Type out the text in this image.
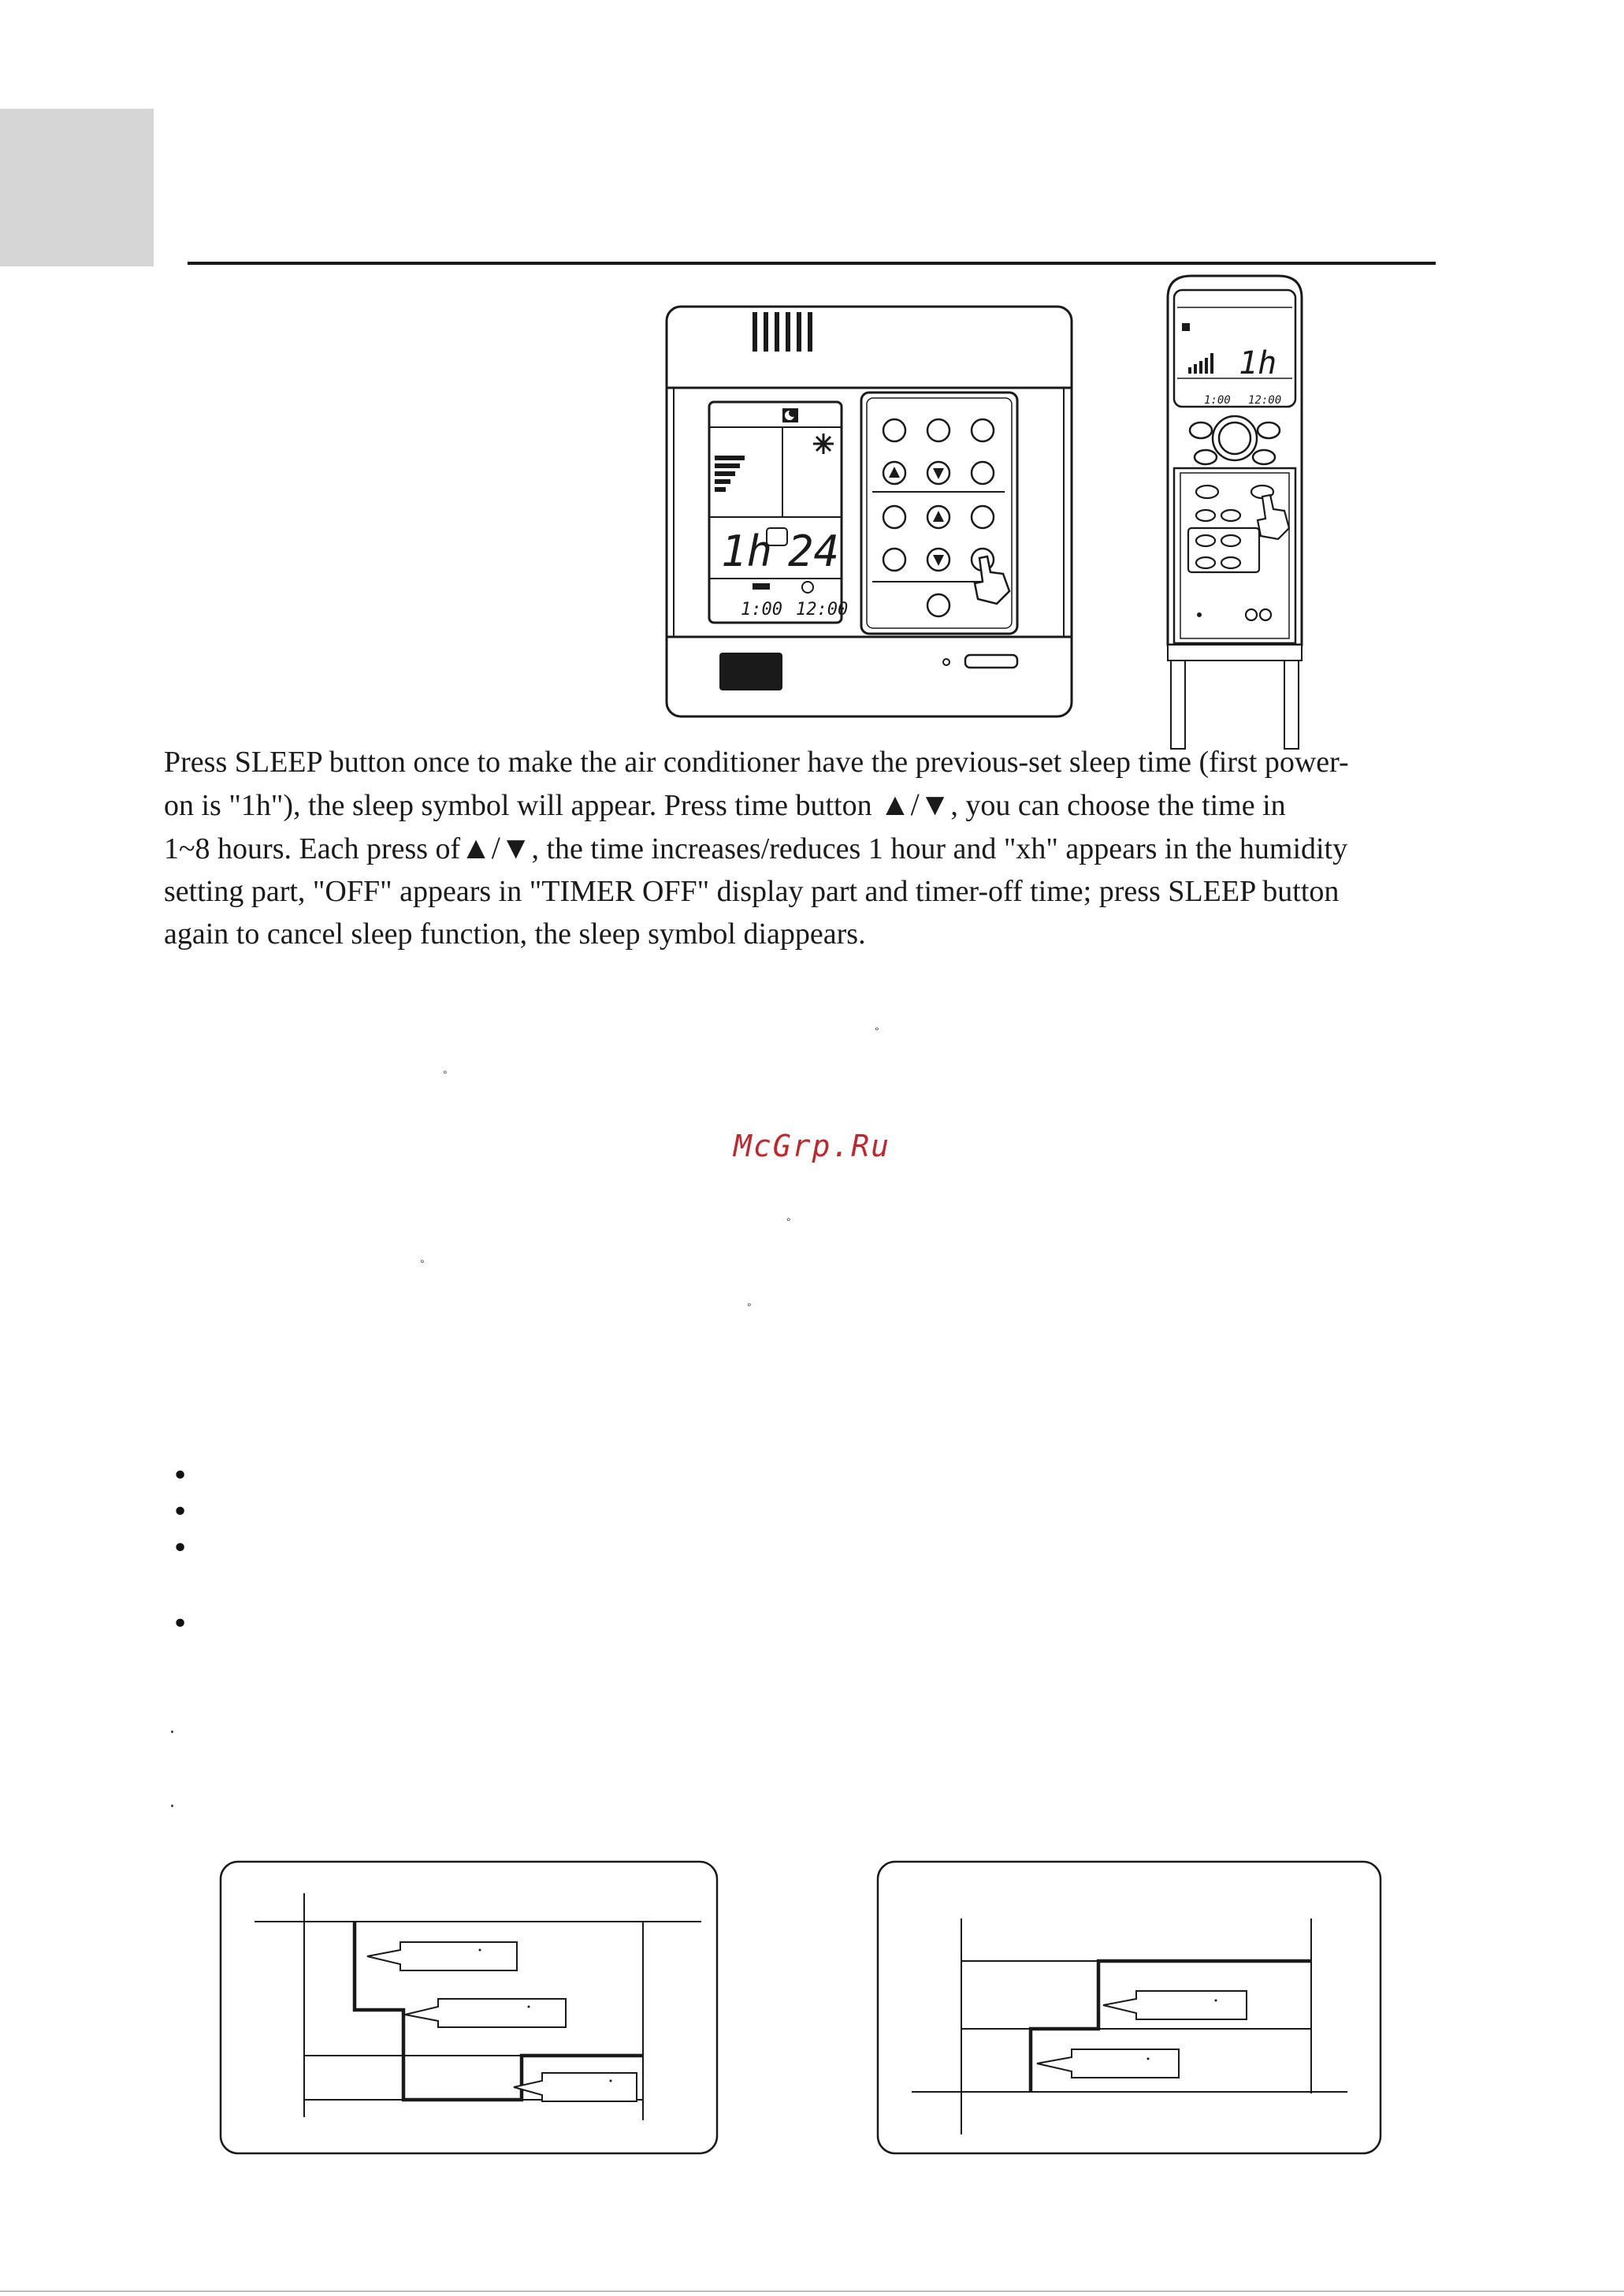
1h 24
1:00 12:00
1h
1:00 12:00
Press SLEEP button once to make the air conditioner have the previous-set sleep time (first power-
on is "1h"), the sleep symbol will appear. Press time button ▲/▼, you can choose the time in
1~8 hours. Each press of▲/▼, the time increases/reduces 1 hour and "xh" appears in the humidity
setting part, "OFF" appears in "TIMER OFF" display part and timer-off time; press SLEEP button
again to cancel sleep function, the sleep symbol diappears.
°
°
°
°
°
McGrp.Ru
•
•
•
•
·
·
